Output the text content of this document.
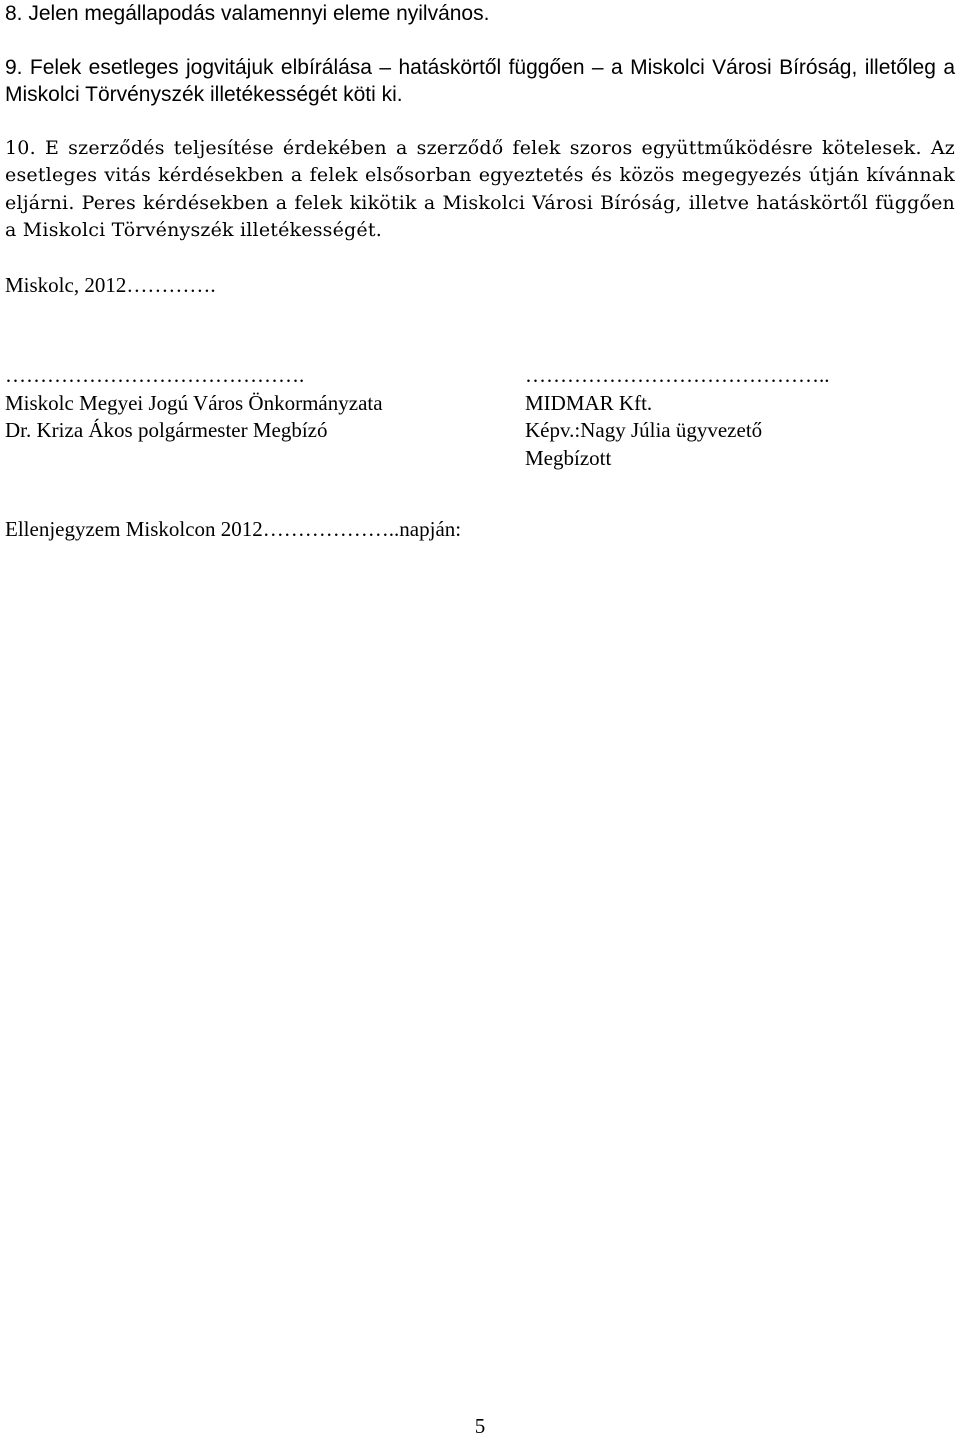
8. Jelen megállapodás valamennyi eleme nyilvános.

9. Felek esetleges jogvitájuk elbírálása – hatáskörtől függően – a Miskolci Városi Bíróság, illetőleg a Miskolci Törvényszék illetékességét köti ki.

10. E szerződés teljesítése érdekében a szerződő felek szoros együttműködésre kötelesek. Az esetleges vitás kérdésekben a felek elsősorban egyeztetés és közös megegyezés útján kívánnak eljárni. Peres kérdésekben a felek kikötik a Miskolci Városi Bíróság, illetve hatáskörtől függően a Miskolci Törvényszék illetékességét.

Miskolc, 2012………….

…………………………………….
Miskolc Megyei Jogú Város Önkormányzata
Dr. Kriza Ákos polgármester Megbízó
……………………………………..
MIDMAR Kft.
Képv.:Nagy Júlia ügyvezető
Megbízott

Ellenjegyzem Miskolcon 2012………………..napján:

5
